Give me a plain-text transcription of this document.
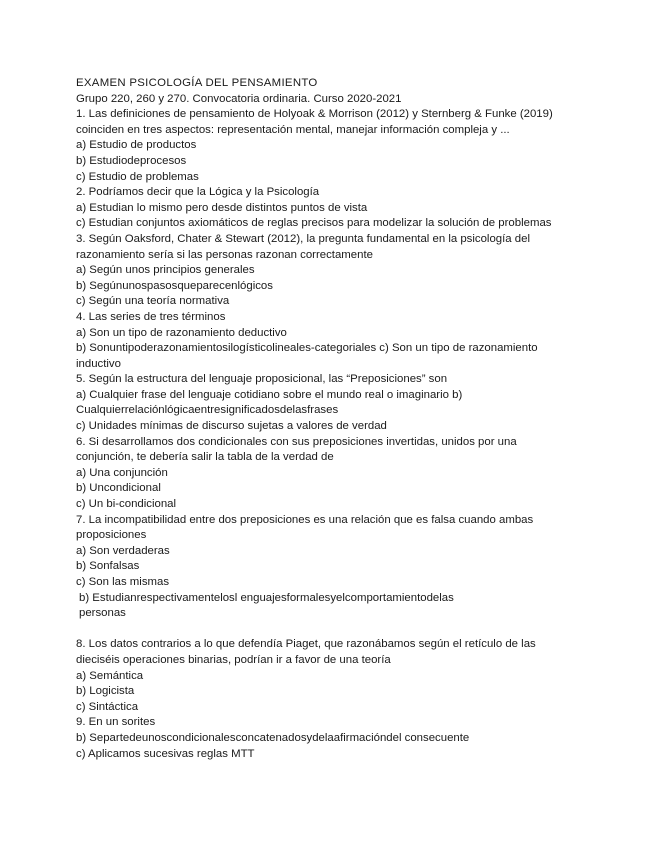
EXAMEN PSICOLOGÍA DEL PENSAMIENTO
Grupo 220, 260 y 270. Convocatoria ordinaria. Curso 2020-2021
1. Las definiciones de pensamiento de Holyoak & Morrison (2012) y Sternberg & Funke (2019)
coinciden en tres aspectos: representación mental, manejar información compleja y ...
a) Estudio de productos
b) Estudiodeprocesos
c) Estudio de problemas
2. Podríamos decir que la Lógica y la Psicología
a) Estudian lo mismo pero desde distintos puntos de vista
c) Estudian conjuntos axiomáticos de reglas precisos para modelizar la solución de problemas
3. Según Oaksford, Chater & Stewart (2012), la pregunta fundamental en la psicología del
razonamiento sería si las personas razonan correctamente
a) Según unos principios generales
b) Segúnunospasosqueparecenlógicos
c) Según una teoría normativa
4. Las series de tres términos
a) Son un tipo de razonamiento deductivo
b) Sonuntipoderazonamientosilogísticolineales-categoriales c) Son un tipo de razonamiento
inductivo
5. Según la estructura del lenguaje proposicional, las “Preposiciones” son
a) Cualquier frase del lenguaje cotidiano sobre el mundo real o imaginario b)
Cualquierrelaciónlógicaentresignificadosdelasfrases
c) Unidades mínimas de discurso sujetas a valores de verdad
6. Si desarrollamos dos condicionales con sus preposiciones invertidas, unidos por una
conjunción, te debería salir la tabla de la verdad de
a) Una conjunción
b) Uncondicional
c) Un bi-condicional
7. La incompatibilidad entre dos preposiciones es una relación que es falsa cuando ambas
proposiciones
a) Son verdaderas
b) Sonfalsas
c) Son las mismas
b) Estudianrespectivamentelosl enguajesformalesyelcomportamientodelas
personas
8. Los datos contrarios a lo que defendía Piaget, que razonábamos según el retículo de las
dieciséis operaciones binarias, podrían ir a favor de una teoría
a) Semántica
b) Logicista
c) Sintáctica
9. En un sorites
b) Separtedeunoscondicionalesconcatenadosydelaafirmacióndel consecuente
c) Aplicamos sucesivas reglas MTT
